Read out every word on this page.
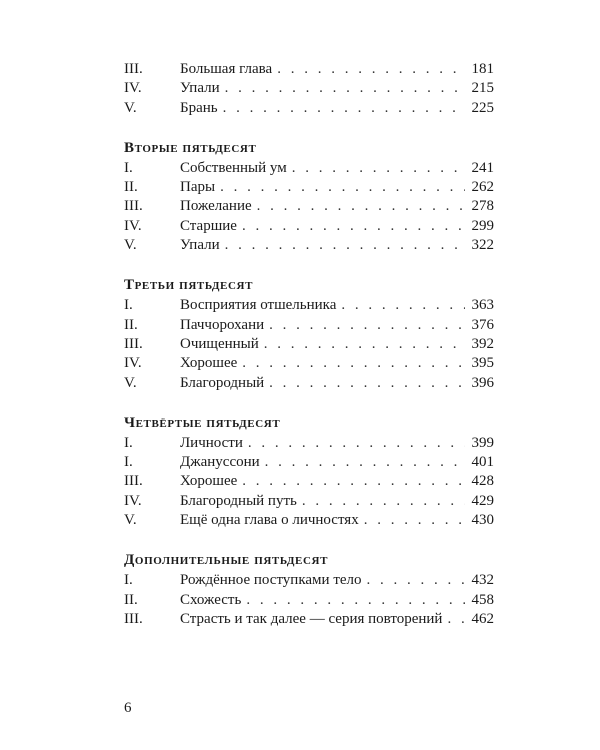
III.	Большая глава . . .	181
IV.	Упали . . .	215
V.	Брань . . .	225
Вторые пятьдесят
I.	Собственный ум . . .	241
II.	Пары . . .	262
III.	Пожелание . . .	278
IV.	Старшие . . .	299
V.	Упали . . .	322
Третьи пятьдесят
I.	Восприятия отшельника . . .	363
II.	Паччорохани . . .	376
III.	Очищенный . . .	392
IV.	Хорошее . . .	395
V.	Благородный . . .	396
Четвёртые пятьдесят
I.	Личности . . .	399
I.	Джануссони . . .	401
III.	Хорошее . . .	428
IV.	Благородный путь . . .	429
V.	Ещё одна глава о личностях . . .	430
Дополнительные пятьдесят
I.	Рождённое поступками тело . . .	432
II.	Схожесть . . .	458
III.	Страсть и так далее — серия повторений . . . 462
6
